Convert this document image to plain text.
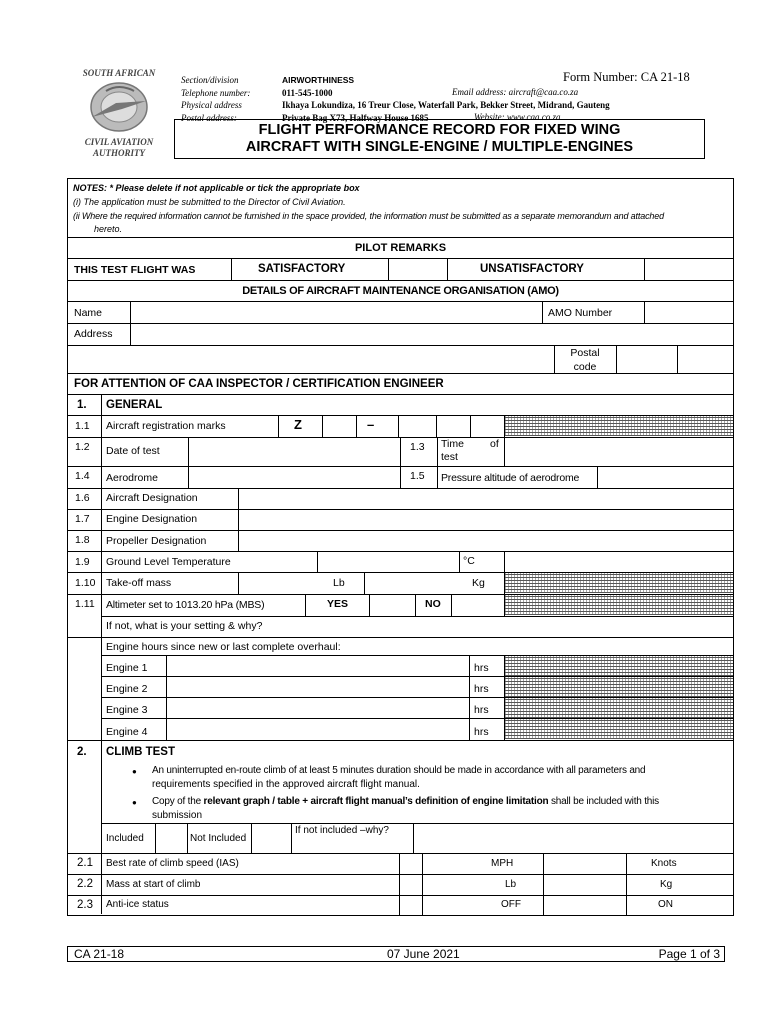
SOUTH AFRICAN
CIVIL AVIATION
AUTHORITY
Section/division
Telephone number:
Physical address
Postal address:
AIRWORTHINESS
011-545-1000
Ikhaya Lokundiza, 16 Treur Close, Waterfall Park, Bekker Street, Midrand, Gauteng
Private Bag X73, Halfway House 1685
Email address: aircraft@caa.co.za
Website: www.caa.co.za
Form Number: CA 21-18
FLIGHT PERFORMANCE RECORD FOR FIXED WING
AIRCRAFT WITH SINGLE-ENGINE / MULTIPLE-ENGINES
NOTES: * Please delete if not applicable or tick the appropriate box
(i) The application must be submitted to the Director of Civil Aviation.
(ii Where the required information cannot be furnished in the space provided, the information must be submitted as a separate memorandum and attached
hereto.
PILOT REMARKS
THIS TEST FLIGHT WAS	SATISFACTORY	UNSATISFACTORY
DETAILS OF AIRCRAFT MAINTENANCE ORGANISATION (AMO)
Name	AMO Number
Address
Postal
code
FOR ATTENTION OF CAA INSPECTOR / CERTIFICATION ENGINEER
1. GENERAL
1.1 Aircraft registration marks	Z	–
1.2 Date of test	1.3 Time of
test
1.4 Aerodrome	1.5 Pressure altitude of aerodrome
1.6 Aircraft Designation
1.7 Engine Designation
1.8 Propeller Designation
1.9 Ground Level Temperature	°C
1.10 Take-off mass	Lb	Kg
1.11 Altimeter set to 1013.20 hPa (MBS)	YES	NO
If not, what is your setting & why?
Engine hours since new or last complete overhaul:
Engine 1	hrs
Engine 2	hrs
Engine 3	hrs
Engine 4	hrs
2. CLIMB TEST
● An uninterrupted en-route climb of at least 5 minutes duration should be made in accordance with all parameters and
requirements specified in the approved aircraft flight manual.
● Copy of the relevant graph / table + aircraft flight manual’s definition of engine limitation shall be included with this
submission
Included	Not Included
If not included –why?
2.1 Best rate of climb speed (IAS)	MPH	Knots
2.2 Mass at start of climb	Lb	Kg
2.3 Anti-ice status	OFF	ON
CA 21-18	07 June 2021	Page 1 of 3
